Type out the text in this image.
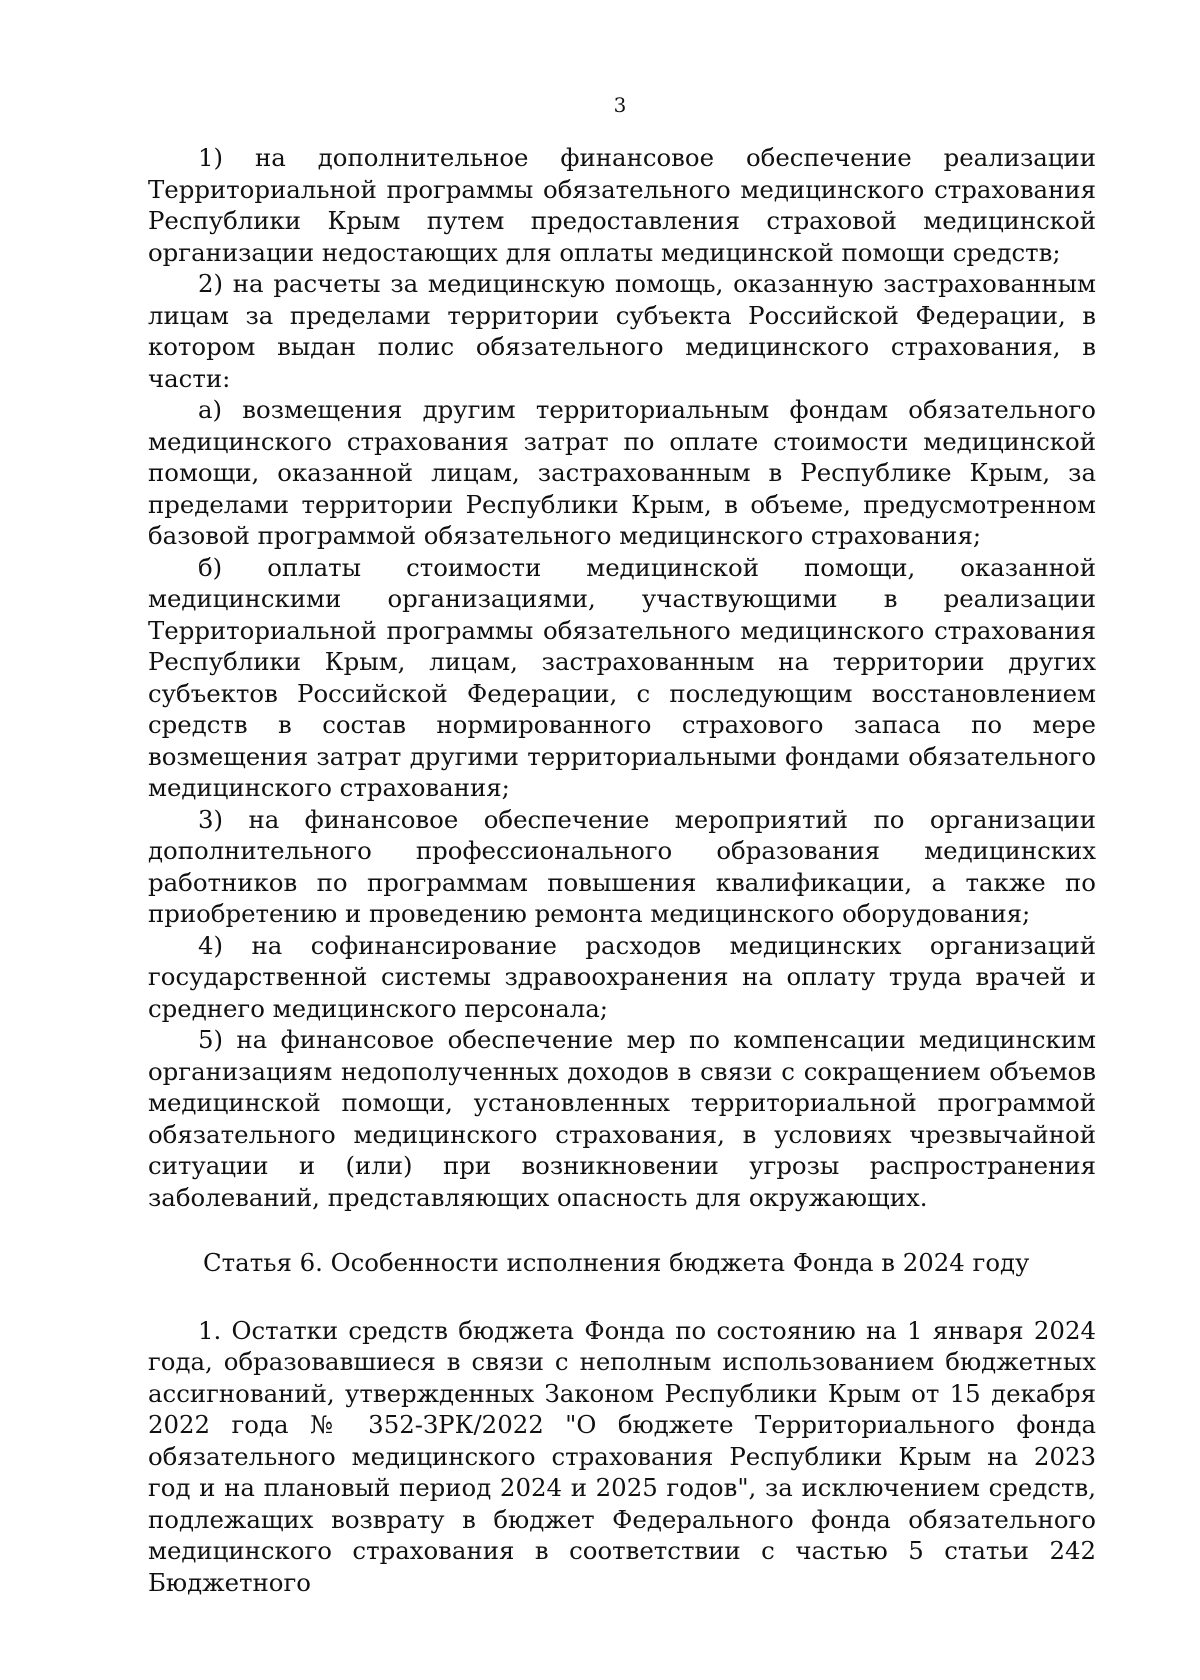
3

1) на дополнительное финансовое обеспечение реализации Территориальной программы обязательного медицинского страхования Республики Крым путем предоставления страховой медицинской организации недостающих для оплаты медицинской помощи средств;

2) на расчеты за медицинскую помощь, оказанную застрахованным лицам за пределами территории субъекта Российской Федерации, в котором выдан полис обязательного медицинского страхования, в части:

а) возмещения другим территориальным фондам обязательного медицинского страхования затрат по оплате стоимости медицинской помощи, оказанной лицам, застрахованным в Республике Крым, за пределами территории Республики Крым, в объеме, предусмотренном базовой программой обязательного медицинского страхования;

б) оплаты стоимости медицинской помощи, оказанной медицинскими организациями, участвующими в реализации Территориальной программы обязательного медицинского страхования Республики Крым, лицам, застрахованным на территории других субъектов Российской Федерации, с последующим восстановлением средств в состав нормированного страхового запаса по мере возмещения затрат другими территориальными фондами обязательного медицинского страхования;

3) на финансовое обеспечение мероприятий по организации дополнительного профессионального образования медицинских работников по программам повышения квалификации, а также по приобретению и проведению ремонта медицинского оборудования;

4) на софинансирование расходов медицинских организаций государственной системы здравоохранения на оплату труда врачей и среднего медицинского персонала;

5) на финансовое обеспечение мер по компенсации медицинским организациям недополученных доходов в связи с сокращением объемов медицинской помощи, установленных территориальной программой обязательного медицинского страхования, в условиях чрезвычайной ситуации и (или) при возникновении угрозы распространения заболеваний, представляющих опасность для окружающих.

Статья 6. Особенности исполнения бюджета Фонда в 2024 году

1. Остатки средств бюджета Фонда по состоянию на 1 января 2024 года, образовавшиеся в связи с неполным использованием бюджетных ассигнований, утвержденных Законом Республики Крым от 15 декабря 2022 года № 352-ЗРК/2022 "О бюджете Территориального фонда обязательного медицинского страхования Республики Крым на 2023 год и на плановый период 2024 и 2025 годов", за исключением средств, подлежащих возврату в бюджет Федерального фонда обязательного медицинского страхования в соответствии с частью 5 статьи 242 Бюджетного
